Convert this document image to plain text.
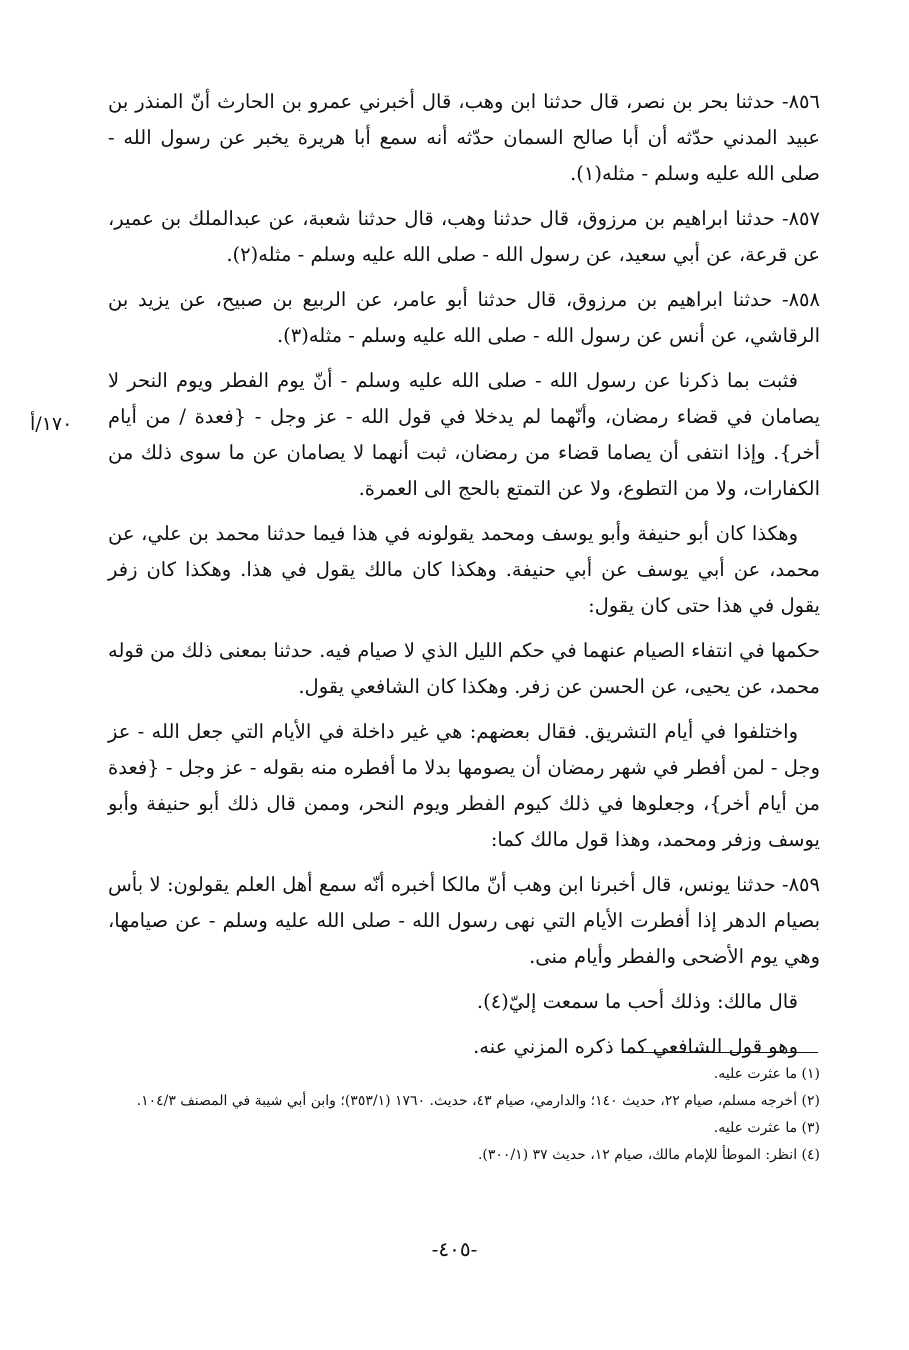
٨٥٦- حدثنا بحر بن نصر، قال حدثنا ابن وهب، قال أخبرني عمرو بن الحارث أنّ المنذر بن عبيد المدني حدّثه أن أبا صالح السمان حدّثه أنه سمع أبا هريرة يخبر عن رسول الله - صلى الله عليه وسلم - مثله(١).

٨٥٧- حدثنا ابراهيم بن مرزوق، قال حدثنا وهب، قال حدثنا شعبة، عن عبدالملك بن عمير، عن قرعة، عن أبي سعيد، عن رسول الله - صلى الله عليه وسلم - مثله(٢).

٨٥٨- حدثنا ابراهيم بن مرزوق، قال حدثنا أبو عامر، عن الربيع بن صبيح، عن يزيد بن الرقاشي، عن أنس عن رسول الله - صلى الله عليه وسلم - مثله(٣).

فثبت بما ذكرنا عن رسول الله - صلى الله عليه وسلم - أنّ يوم الفطر ويوم النحر لا يصامان في قضاء رمضان، وأنّهما لم يدخلا في قول الله - عز وجل - {فعدة / من أيام أخر}. وإذا انتفى أن يصاما قضاء من رمضان، ثبت أنهما لا يصامان عن ما سوى ذلك من الكفارات، ولا من التطوع، ولا عن التمتع بالحج الى العمرة.

وهكذا كان أبو حنيفة وأبو يوسف ومحمد يقولونه في هذا فيما حدثنا محمد بن علي، عن محمد، عن أبي يوسف عن أبي حنيفة. وهكذا كان مالك يقول في هذا. وهكذا كان زفر يقول في هذا حتى كان يقول:

حكمها في انتفاء الصيام عنهما في حكم الليل الذي لا صيام فيه. حدثنا بمعنى ذلك من قوله محمد، عن يحيى، عن الحسن عن زفر. وهكذا كان الشافعي يقول.

واختلفوا في أيام التشريق. فقال بعضهم: هي غير داخلة في الأيام التي جعل الله - عز وجل - لمن أفطر في شهر رمضان أن يصومها بدلا ما أفطره منه بقوله - عز وجل - {فعدة من أيام أخر}، وجعلوها في ذلك كيوم الفطر ويوم النحر، وممن قال ذلك أبو حنيفة وأبو يوسف وزفر ومحمد، وهذا قول مالك كما:

٨٥٩- حدثنا يونس، قال أخبرنا ابن وهب أنّ مالكا أخبره أنّه سمع أهل العلم يقولون: لا بأس بصيام الدهر إذا أفطرت الأيام التي نهى رسول الله - صلى الله عليه وسلم - عن صيامها، وهي يوم الأضحى والفطر وأيام منى.

قال مالك: وذلك أحب ما سمعت إليّ(٤).

وهو قول الشافعي كما ذكره المزني عنه.

١٧٠/أ

(١) ما عثرت عليه.

(٢) أخرجه مسلم، صيام ٢٢، حديث ١٤٠؛ والدارمي، صيام ٤٣، حديث. ١٧٦٠ (٣٥٣/١)؛ وابن أبي شيبة في المصنف ١٠٤/٣.

(٣) ما عثرت عليه.

(٤) انظر: الموطأ للإمام مالك، صيام ١٢، حديث ٣٧ (٣٠٠/١).

-٤٠٥-
